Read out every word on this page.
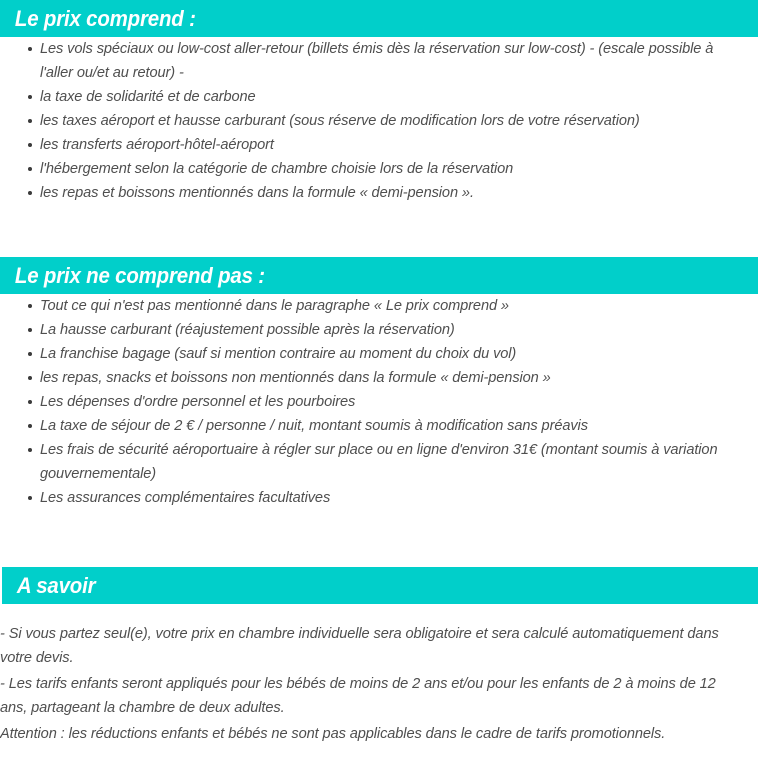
Le prix comprend :
Les vols spéciaux ou low-cost aller-retour (billets émis dès la réservation sur low-cost) - (escale possible à l'aller ou/et au retour) -
la taxe de solidarité et de carbone
les taxes aéroport et hausse carburant (sous réserve de modification lors de votre réservation)
les transferts aéroport-hôtel-aéroport
l'hébergement selon la catégorie de chambre choisie lors de la réservation
les repas et boissons mentionnés dans la formule « demi-pension ».
Le prix ne comprend pas :
Tout ce qui n'est pas mentionné dans le paragraphe « Le prix comprend »
La hausse carburant (réajustement possible après la réservation)
La franchise bagage (sauf si mention contraire au moment du choix du vol)
les repas, snacks et boissons non mentionnés dans la formule « demi-pension »
Les dépenses d'ordre personnel et les pourboires
La taxe de séjour de 2 € / personne / nuit, montant soumis à modification sans préavis
Les frais de sécurité aéroportuaire à régler sur place ou en ligne d'environ 31€ (montant soumis à variation gouvernementale)
Les assurances complémentaires facultatives
A savoir

- Si vous partez seul(e), votre prix en chambre individuelle sera obligatoire et sera calculé automatiquement dans votre devis.

- Les tarifs enfants seront appliqués pour les bébés de moins de 2 ans et/ou pour les enfants de 2 à moins de 12 ans, partageant la chambre de deux adultes.

Attention : les réductions enfants et bébés ne sont pas applicables dans le cadre de tarifs promotionnels.
